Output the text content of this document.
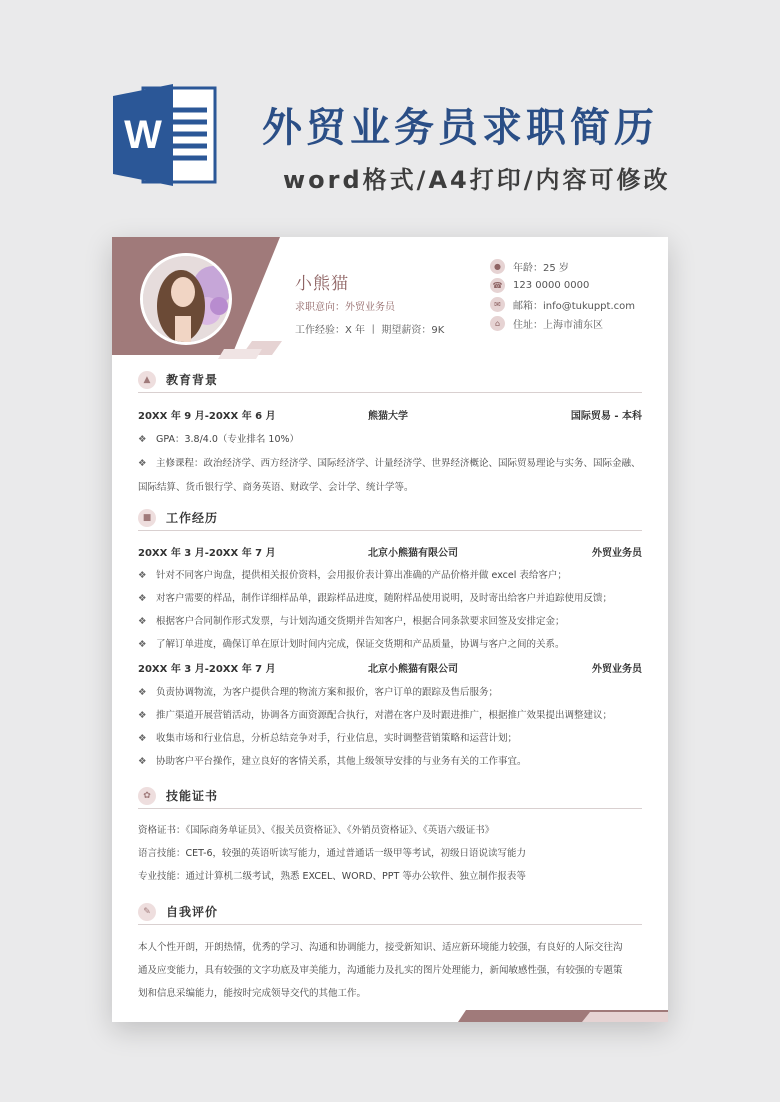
W	外贸业务员求职简历
word格式/A4打印/内容可修改
小熊猫
求职意向：外贸业务员
工作经验：X 年 丨 期望薪资：9K
●	年龄：25 岁
☎ 123 0000 0000
✉	邮箱：info@tukuppt.com
⌂	住址：上海市浦东区
▲	教育背景
20XX 年 9 月-20XX 年 6 月	熊猫大学	国际贸易 - 本科
❖ GPA：3.8/4.0（专业排名 10%）
❖ 主修课程：政治经济学、西方经济学、国际经济学、计量经济学、世界经济概论、国际贸易理论与实务、国际金融、
国际结算、货币银行学、商务英语、财政学、会计学、统计学等。
■	工作经历
20XX 年 3 月-20XX 年 7 月	北京小熊猫有限公司	外贸业务员
❖ 针对不同客户询盘，提供相关报价资料，会用报价表计算出准确的产品价格并做 excel 表给客户；
❖ 对客户需要的样品，制作详细样品单，跟踪样品进度，随附样品使用说明，及时寄出给客户并追踪使用反馈；
❖ 根据客户合同制作形式发票，与计划沟通交货期并告知客户，根据合同条款要求回签及安排定金；
❖ 了解订单进度，确保订单在原计划时间内完成，保证交货期和产品质量，协调与客户之间的关系。
20XX 年 3 月-20XX 年 7 月	北京小熊猫有限公司	外贸业务员
❖ 负责协调物流，为客户提供合理的物流方案和报价，客户订单的跟踪及售后服务；
❖ 推广渠道开展营销活动，协调各方面资源配合执行，对潜在客户及时跟进推广，根据推广效果提出调整建议；
❖ 收集市场和行业信息，分析总结竞争对手，行业信息，实时调整营销策略和运营计划；
❖ 协助客户平台操作，建立良好的客情关系，其他上级领导安排的与业务有关的工作事宜。
✿	技能证书
资格证书：《国际商务单证员》、《报关员资格证》、《外销员资格证》、《英语六级证书》
语言技能：CET-6，较强的英语听读写能力，通过普通话一级甲等考试，初级日语说读写能力
专业技能：通过计算机二级考试，熟悉 EXCEL、WORD、PPT 等办公软件、独立制作报表等
✎	自我评价
本人个性开朗，开朗热情，优秀的学习、沟通和协调能力，接受新知识、适应新环境能力较强，有良好的人际交往沟
通及应变能力，具有较强的文字功底及审美能力，沟通能力及扎实的图片处理能力，新闻敏感性强，有较强的专题策
划和信息采编能力，能按时完成领导交代的其他工作。
